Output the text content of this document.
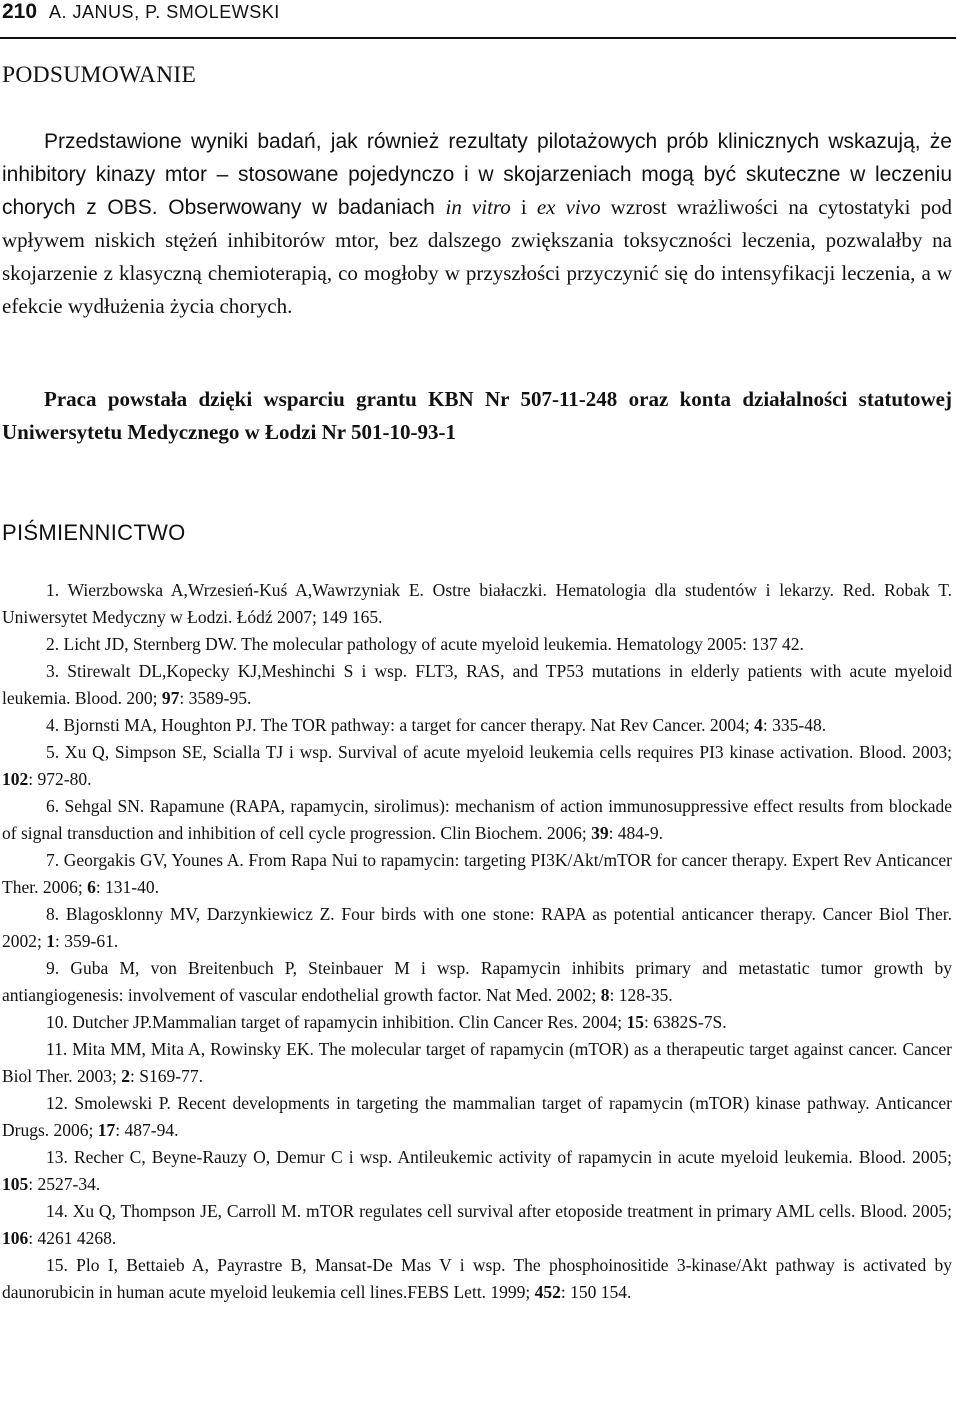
210 A. JANUS, P. SMOLEWSKI
PODSUMOWANIE

Przedstawione wyniki badań, jak również rezultaty pilotażowych prób klinicznych wskazują, że inhibitory kinazy mtor – stosowane pojedynczo i w skojarzeniach mogą być skuteczne w leczeniu chorych z OBS. Obserwowany w badaniach in vitro i ex vivo wzrost wrażliwości na cytostatyki pod wpływem niskich stężeń inhibitorów mtor, bez dalszego zwiększania toksyczności leczenia, pozwalałby na skojarzenie z klasyczną chemioterapią, co mogłoby w przyszłości przyczynić się do intensyfikacji leczenia, a w efekcie wydłużenia życia chorych.

Praca powstała dzięki wsparciu grantu KBN Nr 507-11-248 oraz konta działalności statutowej Uniwersytetu Medycznego w Łodzi Nr 501-10-93-1

PIŚMIENNICTWO

1. Wierzbowska A,Wrzesień-Kuś A,Wawrzyniak E. Ostre białaczki. Hematologia dla studentów i lekarzy. Red. Robak T. Uniwersytet Medyczny w Łodzi. Łódź 2007; 149 165.

2. Licht JD, Sternberg DW. The molecular pathology of acute myeloid leukemia. Hematology 2005: 137 42.

3. Stirewalt DL,Kopecky KJ,Meshinchi S i wsp. FLT3, RAS, and TP53 mutations in elderly patients with acute myeloid leukemia. Blood. 200; 97: 3589-95.

4. Bjornsti MA, Houghton PJ. The TOR pathway: a target for cancer therapy. Nat Rev Cancer. 2004; 4: 335-48.

5. Xu Q, Simpson SE, Scialla TJ i wsp. Survival of acute myeloid leukemia cells requires PI3 kinase activation. Blood. 2003; 102: 972-80.

6. Sehgal SN. Rapamune (RAPA, rapamycin, sirolimus): mechanism of action immunosuppressive effect results from blockade of signal transduction and inhibition of cell cycle progression. Clin Biochem. 2006; 39: 484-9.

7. Georgakis GV, Younes A. From Rapa Nui to rapamycin: targeting PI3K/Akt/mTOR for cancer therapy. Expert Rev Anticancer Ther. 2006; 6: 131-40.

8. Blagosklonny MV, Darzynkiewicz Z. Four birds with one stone: RAPA as potential anticancer therapy. Cancer Biol Ther. 2002; 1: 359-61.

9. Guba M, von Breitenbuch P, Steinbauer M i wsp. Rapamycin inhibits primary and metastatic tumor growth by antiangiogenesis: involvement of vascular endothelial growth factor. Nat Med. 2002; 8: 128-35.

10. Dutcher JP.Mammalian target of rapamycin inhibition. Clin Cancer Res. 2004; 15: 6382S-7S.

11. Mita MM, Mita A, Rowinsky EK. The molecular target of rapamycin (mTOR) as a therapeutic target against cancer. Cancer Biol Ther. 2003; 2: S169-77.

12. Smolewski P. Recent developments in targeting the mammalian target of rapamycin (mTOR) kinase pathway. Anticancer Drugs. 2006; 17: 487-94.

13. Recher C, Beyne-Rauzy O, Demur C i wsp. Antileukemic activity of rapamycin in acute myeloid leukemia. Blood. 2005; 105: 2527-34.

14. Xu Q, Thompson JE, Carroll M. mTOR regulates cell survival after etoposide treatment in primary AML cells. Blood. 2005; 106: 4261 4268.

15. Plo I, Bettaieb A, Payrastre B, Mansat-De Mas V i wsp. The phosphoinositide 3-kinase/Akt pathway is activated by daunorubicin in human acute myeloid leukemia cell lines.FEBS Lett. 1999; 452: 150 154.
